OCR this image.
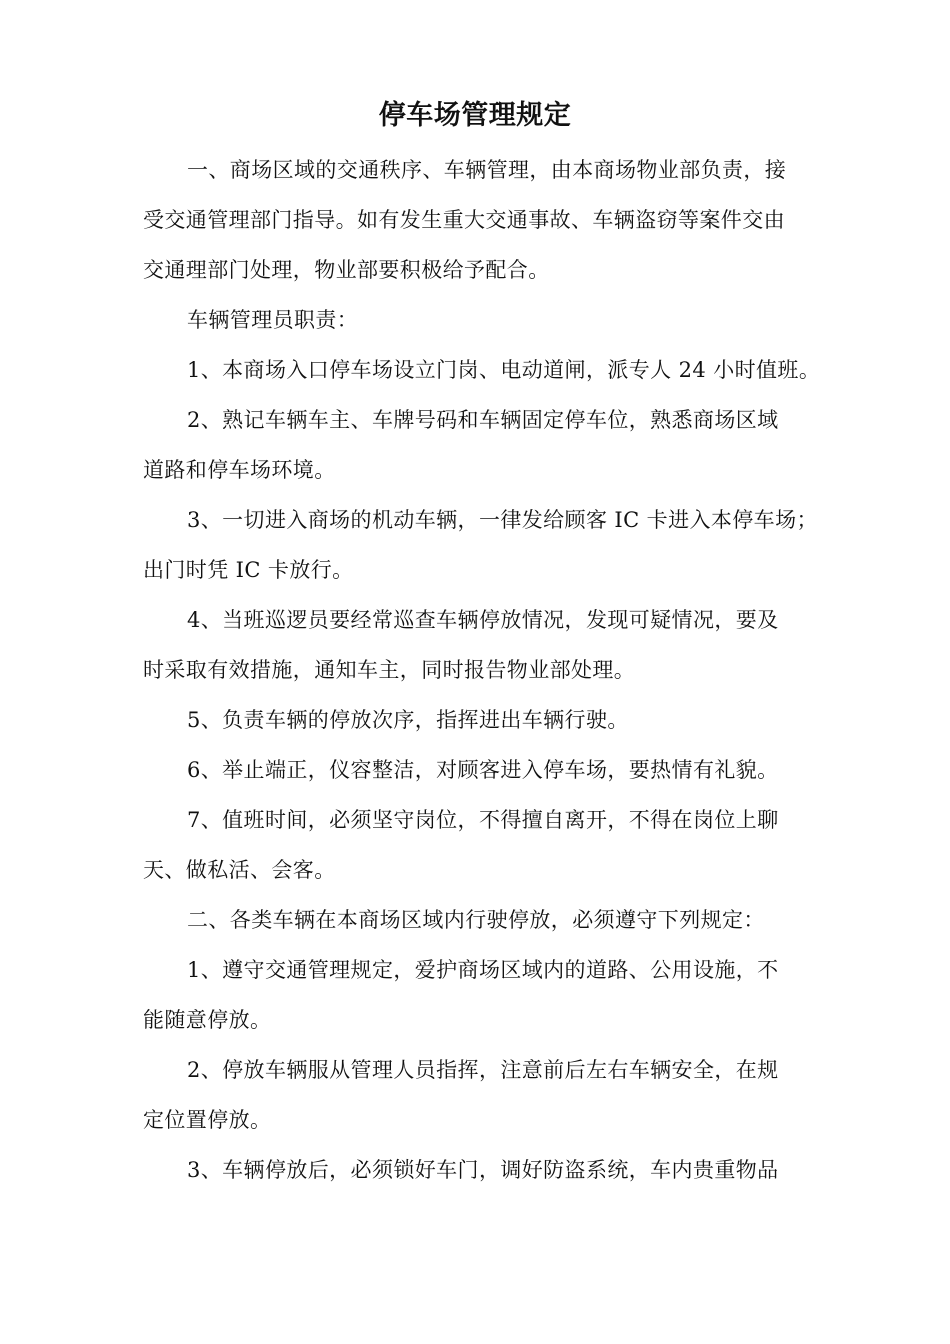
停车场管理规定
一、商场区域的交通秩序、车辆管理，由本商场物业部负责，接
受交通管理部门指导。如有发生重大交通事故、车辆盗窃等案件交由
交通理部门处理，物业部要积极给予配合。
车辆管理员职责：
1、本商场入口停车场设立门岗、电动道闸，派专人 24 小时值班。
2、熟记车辆车主、车牌号码和车辆固定停车位，熟悉商场区域
道路和停车场环境。
3、一切进入商场的机动车辆，一律发给顾客 IC 卡进入本停车场；
出门时凭 IC 卡放行。
4、当班巡逻员要经常巡查车辆停放情况，发现可疑情况，要及
时采取有效措施，通知车主，同时报告物业部处理。
5、负责车辆的停放次序，指挥进出车辆行驶。
6、举止端正，仪容整洁，对顾客进入停车场，要热情有礼貌。
7、值班时间，必须坚守岗位，不得擅自离开，不得在岗位上聊
天、做私活、会客。
二、各类车辆在本商场区域内行驶停放，必须遵守下列规定：
1、遵守交通管理规定，爱护商场区域内的道路、公用设施，不
能随意停放。
2、停放车辆服从管理人员指挥，注意前后左右车辆安全，在规
定位置停放。
3、车辆停放后，必须锁好车门，调好防盗系统，车内贵重物品
